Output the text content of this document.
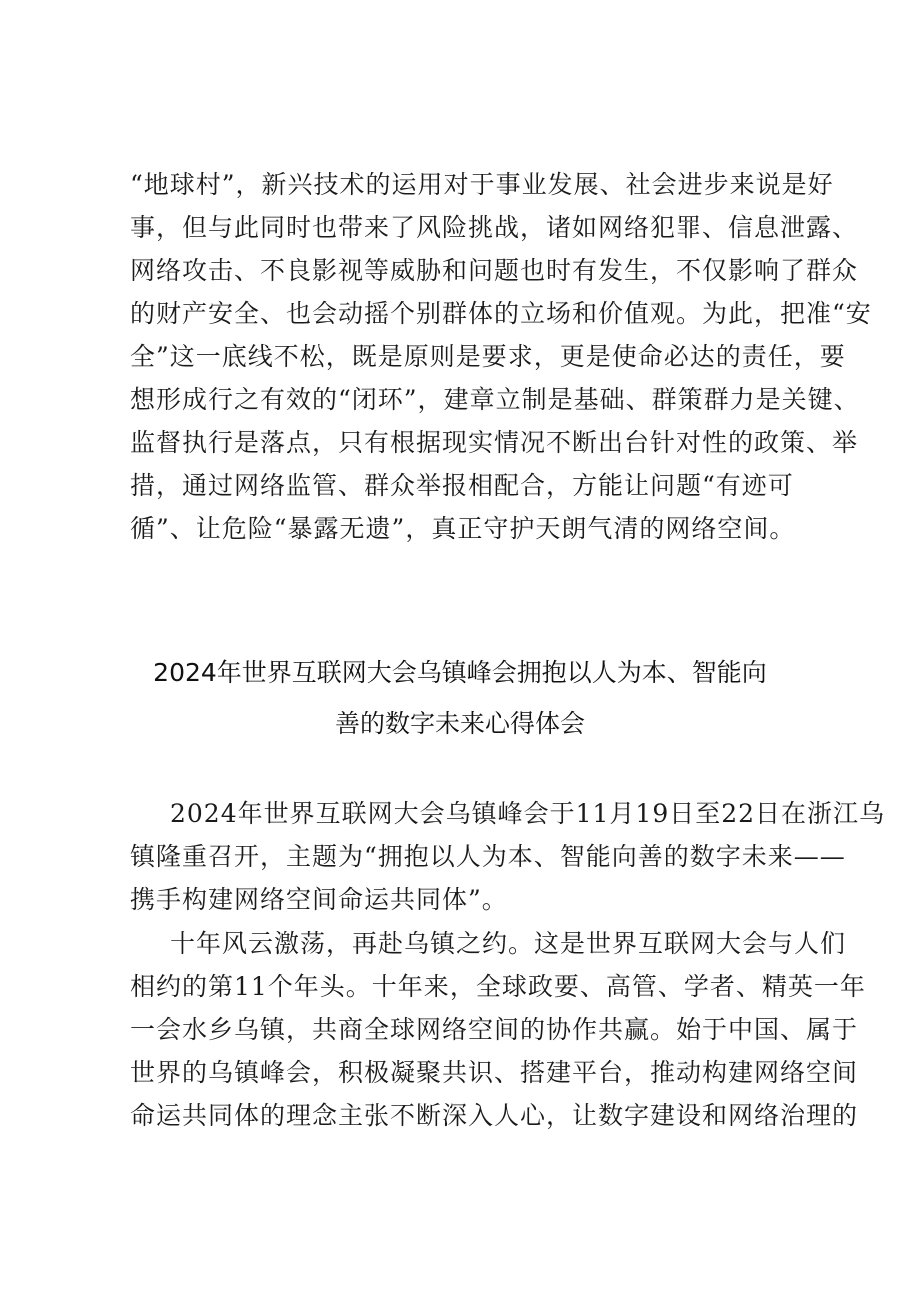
“地球村”，新兴技术的运用对于事业发展、社会进步来说是好
事，但与此同时也带来了风险挑战，诸如网络犯罪、信息泄露、
网络攻击、不良影视等威胁和问题也时有发生，不仅影响了群众
的财产安全、也会动摇个别群体的立场和价值观。为此，把准“安
全”这一底线不松，既是原则是要求，更是使命必达的责任，要
想形成行之有效的“闭环”，建章立制是基础、群策群力是关键、
监督执行是落点，只有根据现实情况不断出台针对性的政策、举
措，通过网络监管、群众举报相配合，方能让问题“有迹可
循”、让危险“暴露无遗”，真正守护天朗气清的网络空间。
2024年世界互联网大会乌镇峰会拥抱以人为本、智能向
善的数字未来心得体会
2024年世界互联网大会乌镇峰会于11月19日至22日在浙江乌
镇隆重召开，主题为“拥抱以人为本、智能向善的数字未来——
携手构建网络空间命运共同体”。
十年风云激荡，再赴乌镇之约。这是世界互联网大会与人们
相约的第11个年头。十年来，全球政要、高管、学者、精英一年
一会水乡乌镇，共商全球网络空间的协作共赢。始于中国、属于
世界的乌镇峰会，积极凝聚共识、搭建平台，推动构建网络空间
命运共同体的理念主张不断深入人心，让数字建设和网络治理的
